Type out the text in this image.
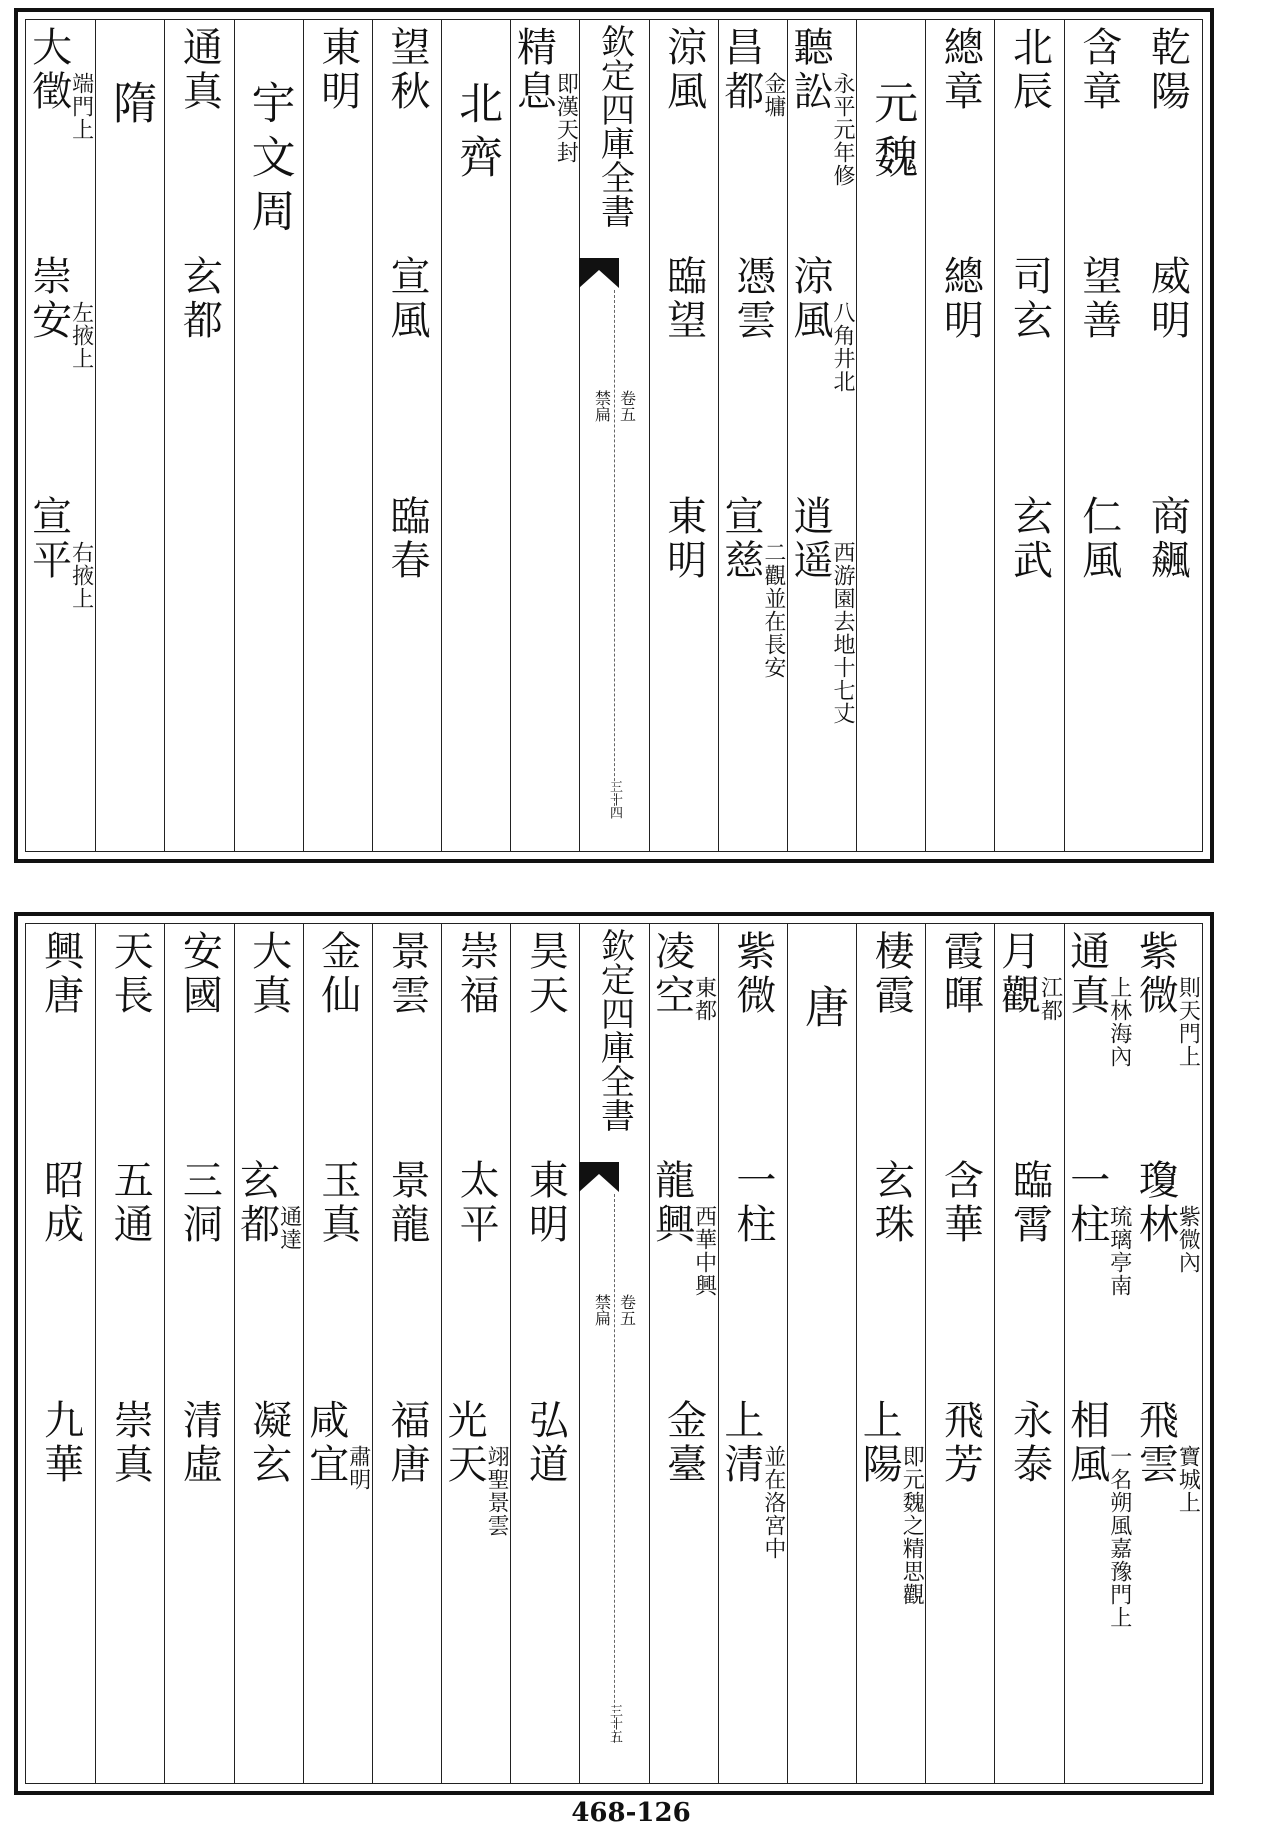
乾陽
威明
商飆
含章
望善
仁風
北辰
司玄
玄武
總章
總明
元魏
聽訟
永平元年修
涼風
八角井北
逍遥
西游園去地十七丈
昌都
金墉
憑雲
宣慈
二觀並在長安
涼風
臨望
東明
欽定四庫全書
禁扁 卷五
三十四
精息
即漢天封
北齊
望秋
宣風
臨春
東明
宇文周
通真
玄都
隋
大徵
端門上
崇安
左掖上
宣平
右掖上
紫微
則天門上
瓊林
紫微內
飛雲
寶城上
通真
上林海內
一柱
琉璃亭南
相風
一名朔風嘉豫門上
月觀
江都
臨霄
永泰
霞暉
含華
飛芳
棲霞
玄珠
上陽
即元魏之精思觀
唐
紫微
一柱
上清
並在洛宮中
凌空
東都
龍興
西華中興
金臺
欽定四庫全書
禁扁 卷五
三十五
昊天
東明
弘道
崇福
太平
光天
翊聖景雲
景雲
景龍
福唐
金仙
玉真
咸宜
肅明
大真
玄都
通達
凝玄
安國
三洞
清虛
天長
五通
崇真
興唐
昭成
九華
468-126
